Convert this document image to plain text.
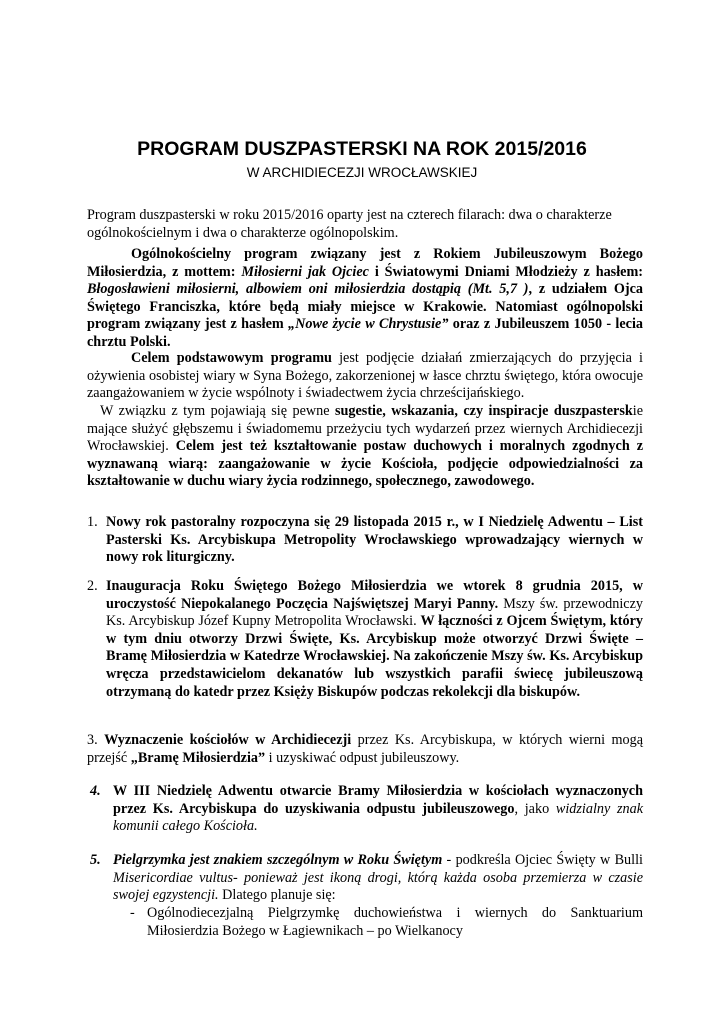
PROGRAM DUSZPASTERSKI NA ROK 2015/2016
W ARCHIDIECEZJI WROCŁAWSKIEJ
Program duszpasterski w roku 2015/2016 oparty jest na czterech filarach: dwa o charakterze ogólnokościelnym i dwa o charakterze ogólnopolskim.
Ogólnokościelny program związany jest z Rokiem Jubileuszowym Bożego Miłosierdzia, z mottem: Miłosierni jak Ojciec i Światowymi Dniami Młodzieży z hasłem: Błogosławieni miłosierni, albowiem oni miłosierdzia dostąpią (Mt. 5,7 ), z udziałem Ojca Świętego Franciszka, które będą miały miejsce w Krakowie. Natomiast ogólnopolski program związany jest z hasłem „Nowe życie w Chrystusie” oraz z Jubileuszem 1050 - lecia chrztu Polski.
Celem podstawowym programu jest podjęcie działań zmierzających do przyjęcia i ożywienia osobistej wiary w Syna Bożego, zakorzenionej w łasce chrztu świętego, która owocuje zaangażowaniem w życie wspólnoty i świadectwem życia chrześcijańskiego.
W związku z tym pojawiają się pewne sugestie, wskazania, czy inspiracje duszpasterskie mające służyć głębszemu i świadomemu przeżyciu tych wydarzeń przez wiernych Archidiecezji Wrocławskiej. Celem jest też kształtowanie postaw duchowych i moralnych zgodnych z wyznawaną wiarą: zaangażowanie w życie Kościoła, podjęcie odpowiedzialności za kształtowanie w duchu wiary życia rodzinnego, społecznego, zawodowego.
1. Nowy rok pastoralny rozpoczyna się 29 listopada 2015 r., w I Niedzielę Adwentu – List Pasterski Ks. Arcybiskupa Metropolity Wrocławskiego wprowadzający wiernych w nowy rok liturgiczny.
2. Inauguracja Roku Świętego Bożego Miłosierdzia we wtorek 8 grudnia 2015, w uroczystość Niepokalanego Poczęcia Najświętszej Maryi Panny. Mszy św. przewodniczy Ks. Arcybiskup Józef Kupny Metropolita Wrocławski. W łączności z Ojcem Świętym, który w tym dniu otworzy Drzwi Święte, Ks. Arcybiskup może otworzyć Drzwi Święte – Bramę Miłosierdzia w Katedrze Wrocławskiej. Na zakończenie Mszy św. Ks. Arcybiskup wręcza przedstawicielom dekanatów lub wszystkich parafii świecę jubileuszową otrzymaną do katedr przez Księży Biskupów podczas rekolekcji dla biskupów.
3. Wyznaczenie kościołów w Archidiecezji przez Ks. Arcybiskupa, w których wierni mogą przejść „Bramę Miłosierdzia” i uzyskiwać odpust jubileuszowy.
4. W III Niedzielę Adwentu otwarcie Bramy Miłosierdzia w kościołach wyznaczonych przez Ks. Arcybiskupa do uzyskiwania odpustu jubileuszowego, jako widzialny znak komunii całego Kościoła.
5. Pielgrzymka jest znakiem szczególnym w Roku Świętym - podkreśla Ojciec Święty w Bulli Misericordiae vultus- ponieważ jest ikoną drogi, którą każda osoba przemierza w czasie swojej egzystencji. Dlatego planuje się:
- Ogólnodiecezjalną Pielgrzymkę duchowieństwa i wiernych do Sanktuarium Miłosierdzia Bożego w Łagiewnikach – po Wielkanocy
